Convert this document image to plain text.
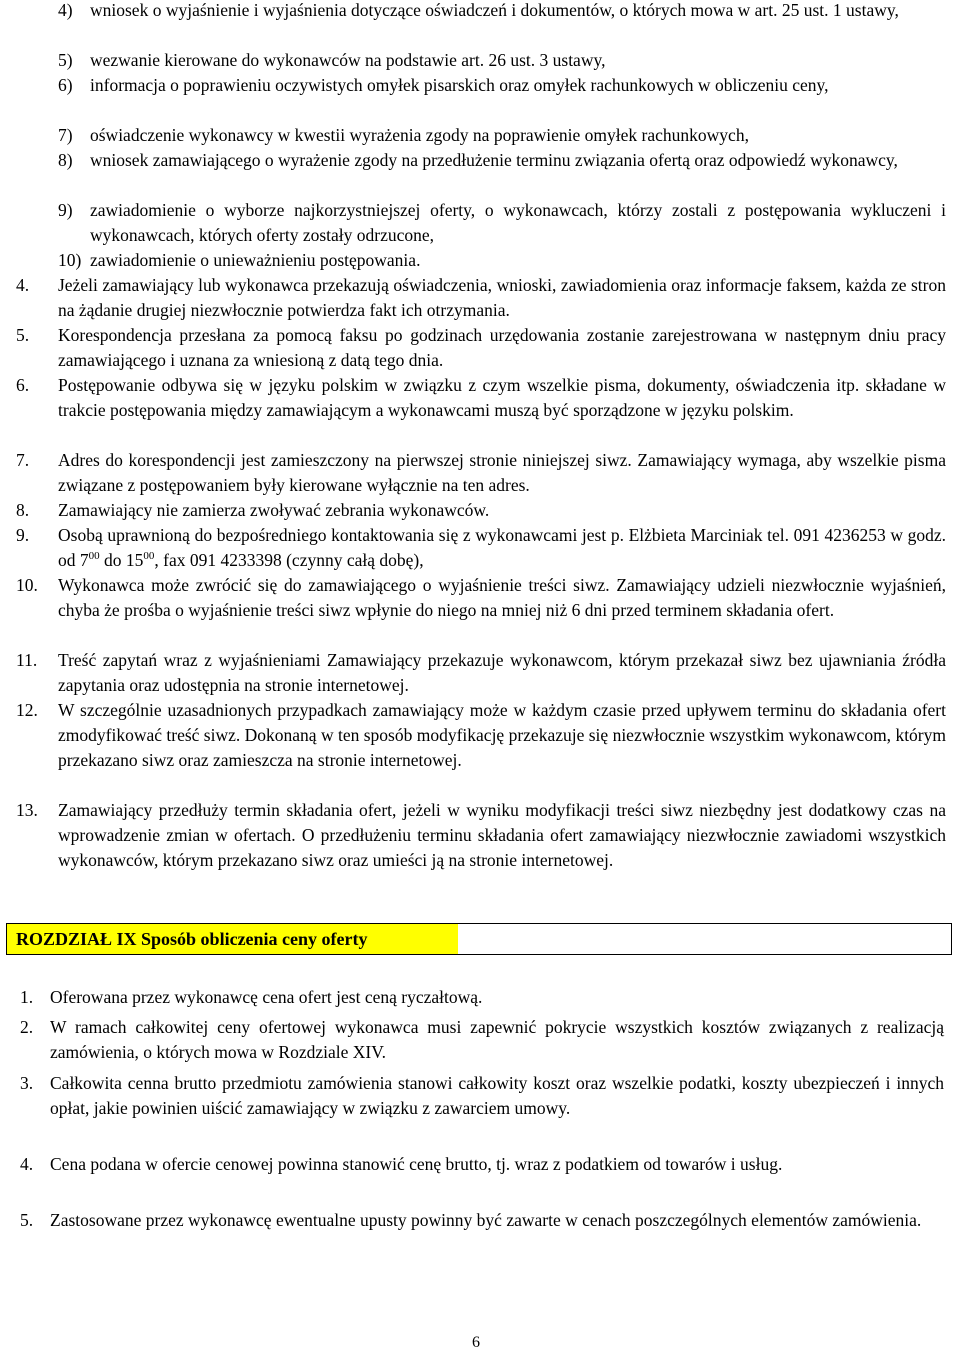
4) wniosek o wyjaśnienie i wyjaśnienia dotyczące oświadczeń i dokumentów, o których mowa w art. 25 ust. 1 ustawy,
5) wezwanie kierowane do wykonawców na podstawie art. 26 ust. 3 ustawy,
6) informacja o poprawieniu oczywistych omyłek pisarskich oraz omyłek rachunkowych w obliczeniu ceny,
7) oświadczenie wykonawcy w kwestii wyrażenia zgody na poprawienie omyłek rachunkowych,
8) wniosek zamawiającego o wyrażenie zgody na przedłużenie terminu związania ofertą oraz odpowiedź wykonawcy,
9) zawiadomienie o wyborze najkorzystniejszej oferty, o wykonawcach, którzy zostali z postępowania wykluczeni i wykonawcach, których oferty zostały odrzucone,
10) zawiadomienie o unieważnieniu postępowania.
4.	Jeżeli zamawiający lub wykonawca przekazują oświadczenia, wnioski, zawiadomienia oraz informacje faksem, każda ze stron na żądanie drugiej niezwłocznie potwierdza fakt ich otrzymania.
5.	Korespondencja przesłana za pomocą faksu po godzinach urzędowania zostanie zarejestrowana w następnym dniu pracy zamawiającego i uznana za wniesioną z datą tego dnia.
6.	Postępowanie odbywa się w języku polskim w związku z czym wszelkie pisma, dokumenty, oświadczenia itp. składane w trakcie postępowania między zamawiającym a wykonawcami muszą być sporządzone w języku polskim.
7.	Adres do korespondencji jest zamieszczony na pierwszej stronie niniejszej siwz. Zamawiający wymaga, aby wszelkie pisma związane z postępowaniem były kierowane wyłącznie na ten adres.
8.	Zamawiający nie zamierza zwoływać zebrania wykonawców.
9.	Osobą uprawnioną do bezpośredniego kontaktowania się z wykonawcami jest p. Elżbieta Marciniak tel. 091 4236253 w godz. od $7^{00}$ do $15^{00}$, fax 091 4233398 (czynny całą dobę),
10.	Wykonawca może zwrócić się do zamawiającego o wyjaśnienie treści siwz. Zamawiający udzieli niezwłocznie wyjaśnień, chyba że prośba o wyjaśnienie treści siwz wpłynie do niego na mniej niż 6 dni przed terminem składania ofert.
11.	Treść zapytań wraz z wyjaśnieniami Zamawiający przekazuje wykonawcom, którym przekazał siwz bez ujawniania źródła zapytania oraz udostępnia na stronie internetowej.
12.	W szczególnie uzasadnionych przypadkach zamawiający może w każdym czasie przed upływem terminu do składania ofert zmodyfikować treść siwz. Dokonaną w ten sposób modyfikację przekazuje się niezwłocznie wszystkim wykonawcom, którym przekazano siwz oraz zamieszcza na stronie internetowej.
13.	Zamawiający przedłuży termin składania ofert, jeżeli w wyniku modyfikacji treści siwz niezbędny jest dodatkowy czas na wprowadzenie zmian w ofertach. O przedłużeniu terminu składania ofert zamawiający niezwłocznie zawiadomi wszystkich wykonawców, którym przekazano siwz oraz umieści ją na stronie internetowej.
ROZDZIAŁ IX Sposób obliczenia ceny oferty
1. Oferowana przez wykonawcę cena ofert jest ceną ryczałtową.
2. W ramach całkowitej ceny ofertowej wykonawca musi zapewnić pokrycie wszystkich kosztów związanych z realizacją zamówienia, o których mowa w Rozdziale XIV.
3. Całkowita cenna brutto przedmiotu zamówienia stanowi całkowity koszt oraz wszelkie podatki, koszty ubezpieczeń i innych opłat, jakie powinien uiścić zamawiający w związku z zawarciem umowy.
4. Cena podana w ofercie cenowej powinna stanowić cenę brutto, tj. wraz z podatkiem od towarów i usług.
5. Zastosowane przez wykonawcę ewentualne upusty powinny być zawarte w cenach poszczególnych elementów zamówienia.
6
